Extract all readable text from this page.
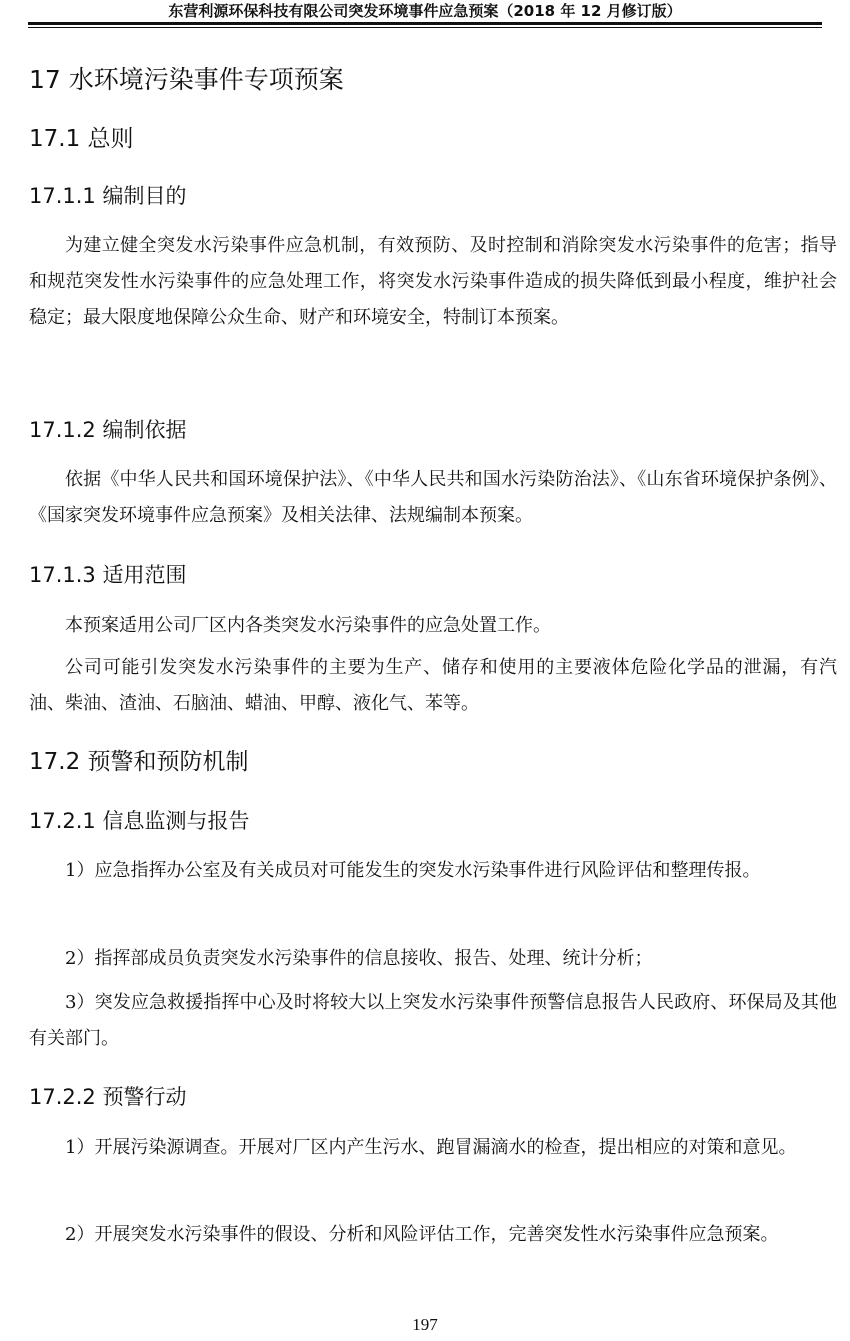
东营利源环保科技有限公司突发环境事件应急预案（2018 年 12 月修订版）
17 水环境污染事件专项预案
17.1 总则
17.1.1 编制目的
为建立健全突发水污染事件应急机制，有效预防、及时控制和消除突发水污染事件的危害；指导和规范突发性水污染事件的应急处理工作，将突发水污染事件造成的损失降低到最小程度，维护社会稳定；最大限度地保障公众生命、财产和环境安全，特制订本预案。
17.1.2 编制依据
依据《中华人民共和国环境保护法》、《中华人民共和国水污染防治法》、《山东省环境保护条例》、《国家突发环境事件应急预案》及相关法律、法规编制本预案。
17.1.3 适用范围
本预案适用公司厂区内各类突发水污染事件的应急处置工作。
公司可能引发突发水污染事件的主要为生产、储存和使用的主要液体危险化学品的泄漏，有汽油、柴油、渣油、石脑油、蜡油、甲醇、液化气、苯等。
17.2 预警和预防机制
17.2.1 信息监测与报告
1）应急指挥办公室及有关成员对可能发生的突发水污染事件进行风险评估和整理传报。
2）指挥部成员负责突发水污染事件的信息接收、报告、处理、统计分析；
3）突发应急救援指挥中心及时将较大以上突发水污染事件预警信息报告人民政府、环保局及其他有关部门。
17.2.2 预警行动
1）开展污染源调查。开展对厂区内产生污水、跑冒漏滴水的检查，提出相应的对策和意见。
2）开展突发水污染事件的假设、分析和风险评估工作，完善突发性水污染事件应急预案。
197
